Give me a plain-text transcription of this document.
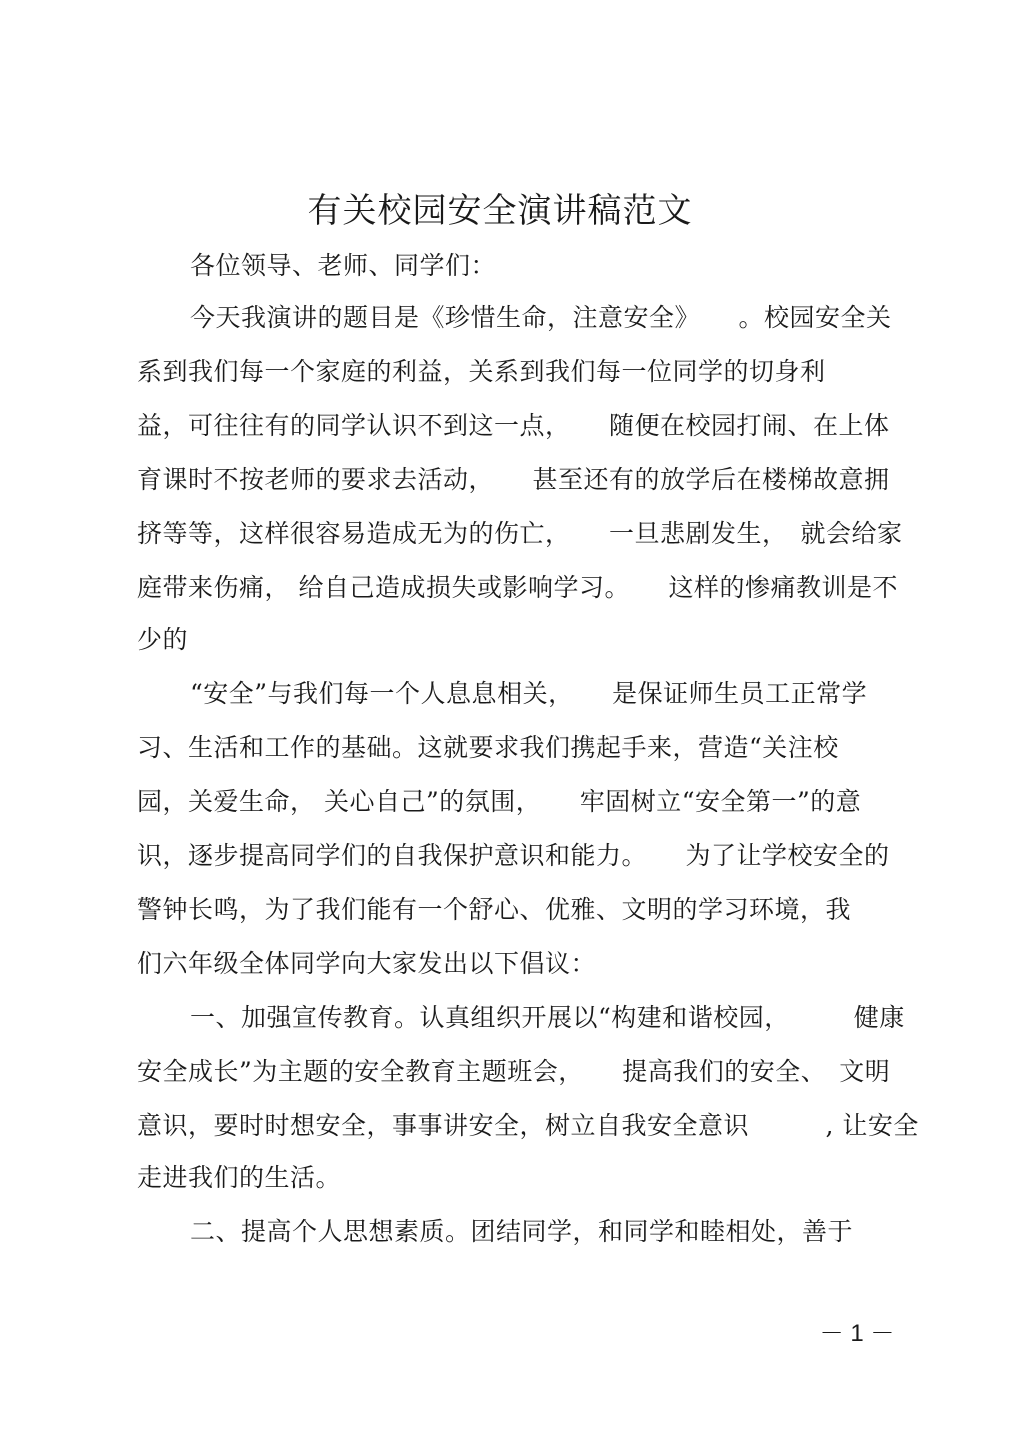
有关校园安全演讲稿范文
各位领导、老师、同学们：
今天我演讲的题目是《珍惜生命，注意安全》　　。校园安全关
系到我们每一个家庭的利益，关系到我们每一位同学的切身利
益，可往往有的同学认识不到这一点，　　随便在校园打闹、在上体
育课时不按老师的要求去活动，　　甚至还有的放学后在楼梯故意拥
挤等等，这样很容易造成无为的伤亡，　　一旦悲剧发生，　就会给家
庭带来伤痛， 给自己造成损失或影响学习。　　这样的惨痛教训是不
少的
“安全”与我们每一个人息息相关，　　是保证师生员工正常学
习、生活和工作的基础。这就要求我们携起手来，营造“关注校
园，关爱生命， 关心自己”的氛围，　　牢固树立“安全第一”的意
识，逐步提高同学们的自我保护意识和能力。　　为了让学校安全的
警钟长鸣，为了我们能有一个舒心、优雅、文明的学习环境，我
们六年级全体同学向大家发出以下倡议：
一、加强宣传教育。认真组织开展以“构建和谐校园，　　　健康
安全成长”为主题的安全教育主题班会，　　提高我们的安全、　文明
意识，要时时想安全，事事讲安全，树立自我安全意识　　　, 让安全
走进我们的生活。
二、提高个人思想素质。团结同学，和同学和睦相处，善于
－ 1 －
